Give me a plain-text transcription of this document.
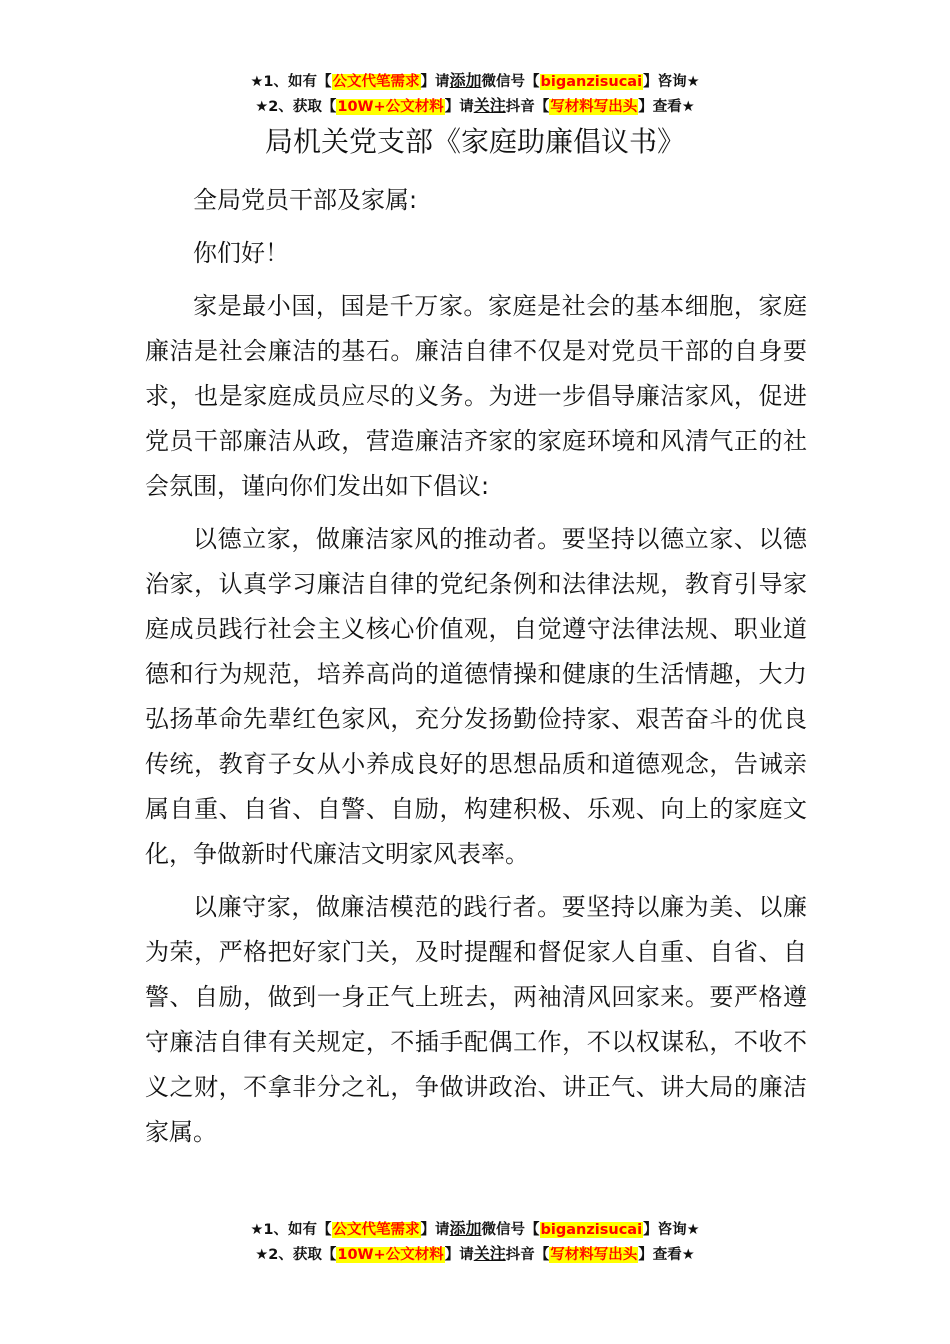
★1、如有【公文代笔需求】请添加微信号【biganzisucai】咨询★
★2、获取【10W+公文材料】请关注抖音【写材料写出头】查看★
局机关党支部《家庭助廉倡议书》

全局党员干部及家属:

你们好！

家是最小国，国是千万家。家庭是社会的基本细胞，家庭廉洁是社会廉洁的基石。廉洁自律不仅是对党员干部的自身要求，也是家庭成员应尽的义务。为进一步倡导廉洁家风，促进党员干部廉洁从政，营造廉洁齐家的家庭环境和风清气正的社会氛围，谨向你们发出如下倡议:

以德立家，做廉洁家风的推动者。要坚持以德立家、以德治家，认真学习廉洁自律的党纪条例和法律法规，教育引导家庭成员践行社会主义核心价值观，自觉遵守法律法规、职业道德和行为规范，培养高尚的道德情操和健康的生活情趣，大力弘扬革命先辈红色家风，充分发扬勤俭持家、艰苦奋斗的优良传统，教育子女从小养成良好的思想品质和道德观念，告诫亲属自重、自省、自警、自励，构建积极、乐观、向上的家庭文化，争做新时代廉洁文明家风表率。

以廉守家，做廉洁模范的践行者。要坚持以廉为美、以廉为荣，严格把好家门关，及时提醒和督促家人自重、自省、自警、自励，做到一身正气上班去，两袖清风回家来。要严格遵守廉洁自律有关规定，不插手配偶工作，不以权谋私，不收不义之财，不拿非分之礼，争做讲政治、讲正气、讲大局的廉洁家属。

★1、如有【公文代笔需求】请添加微信号【biganzisucai】咨询★
★2、获取【10W+公文材料】请关注抖音【写材料写出头】查看★
